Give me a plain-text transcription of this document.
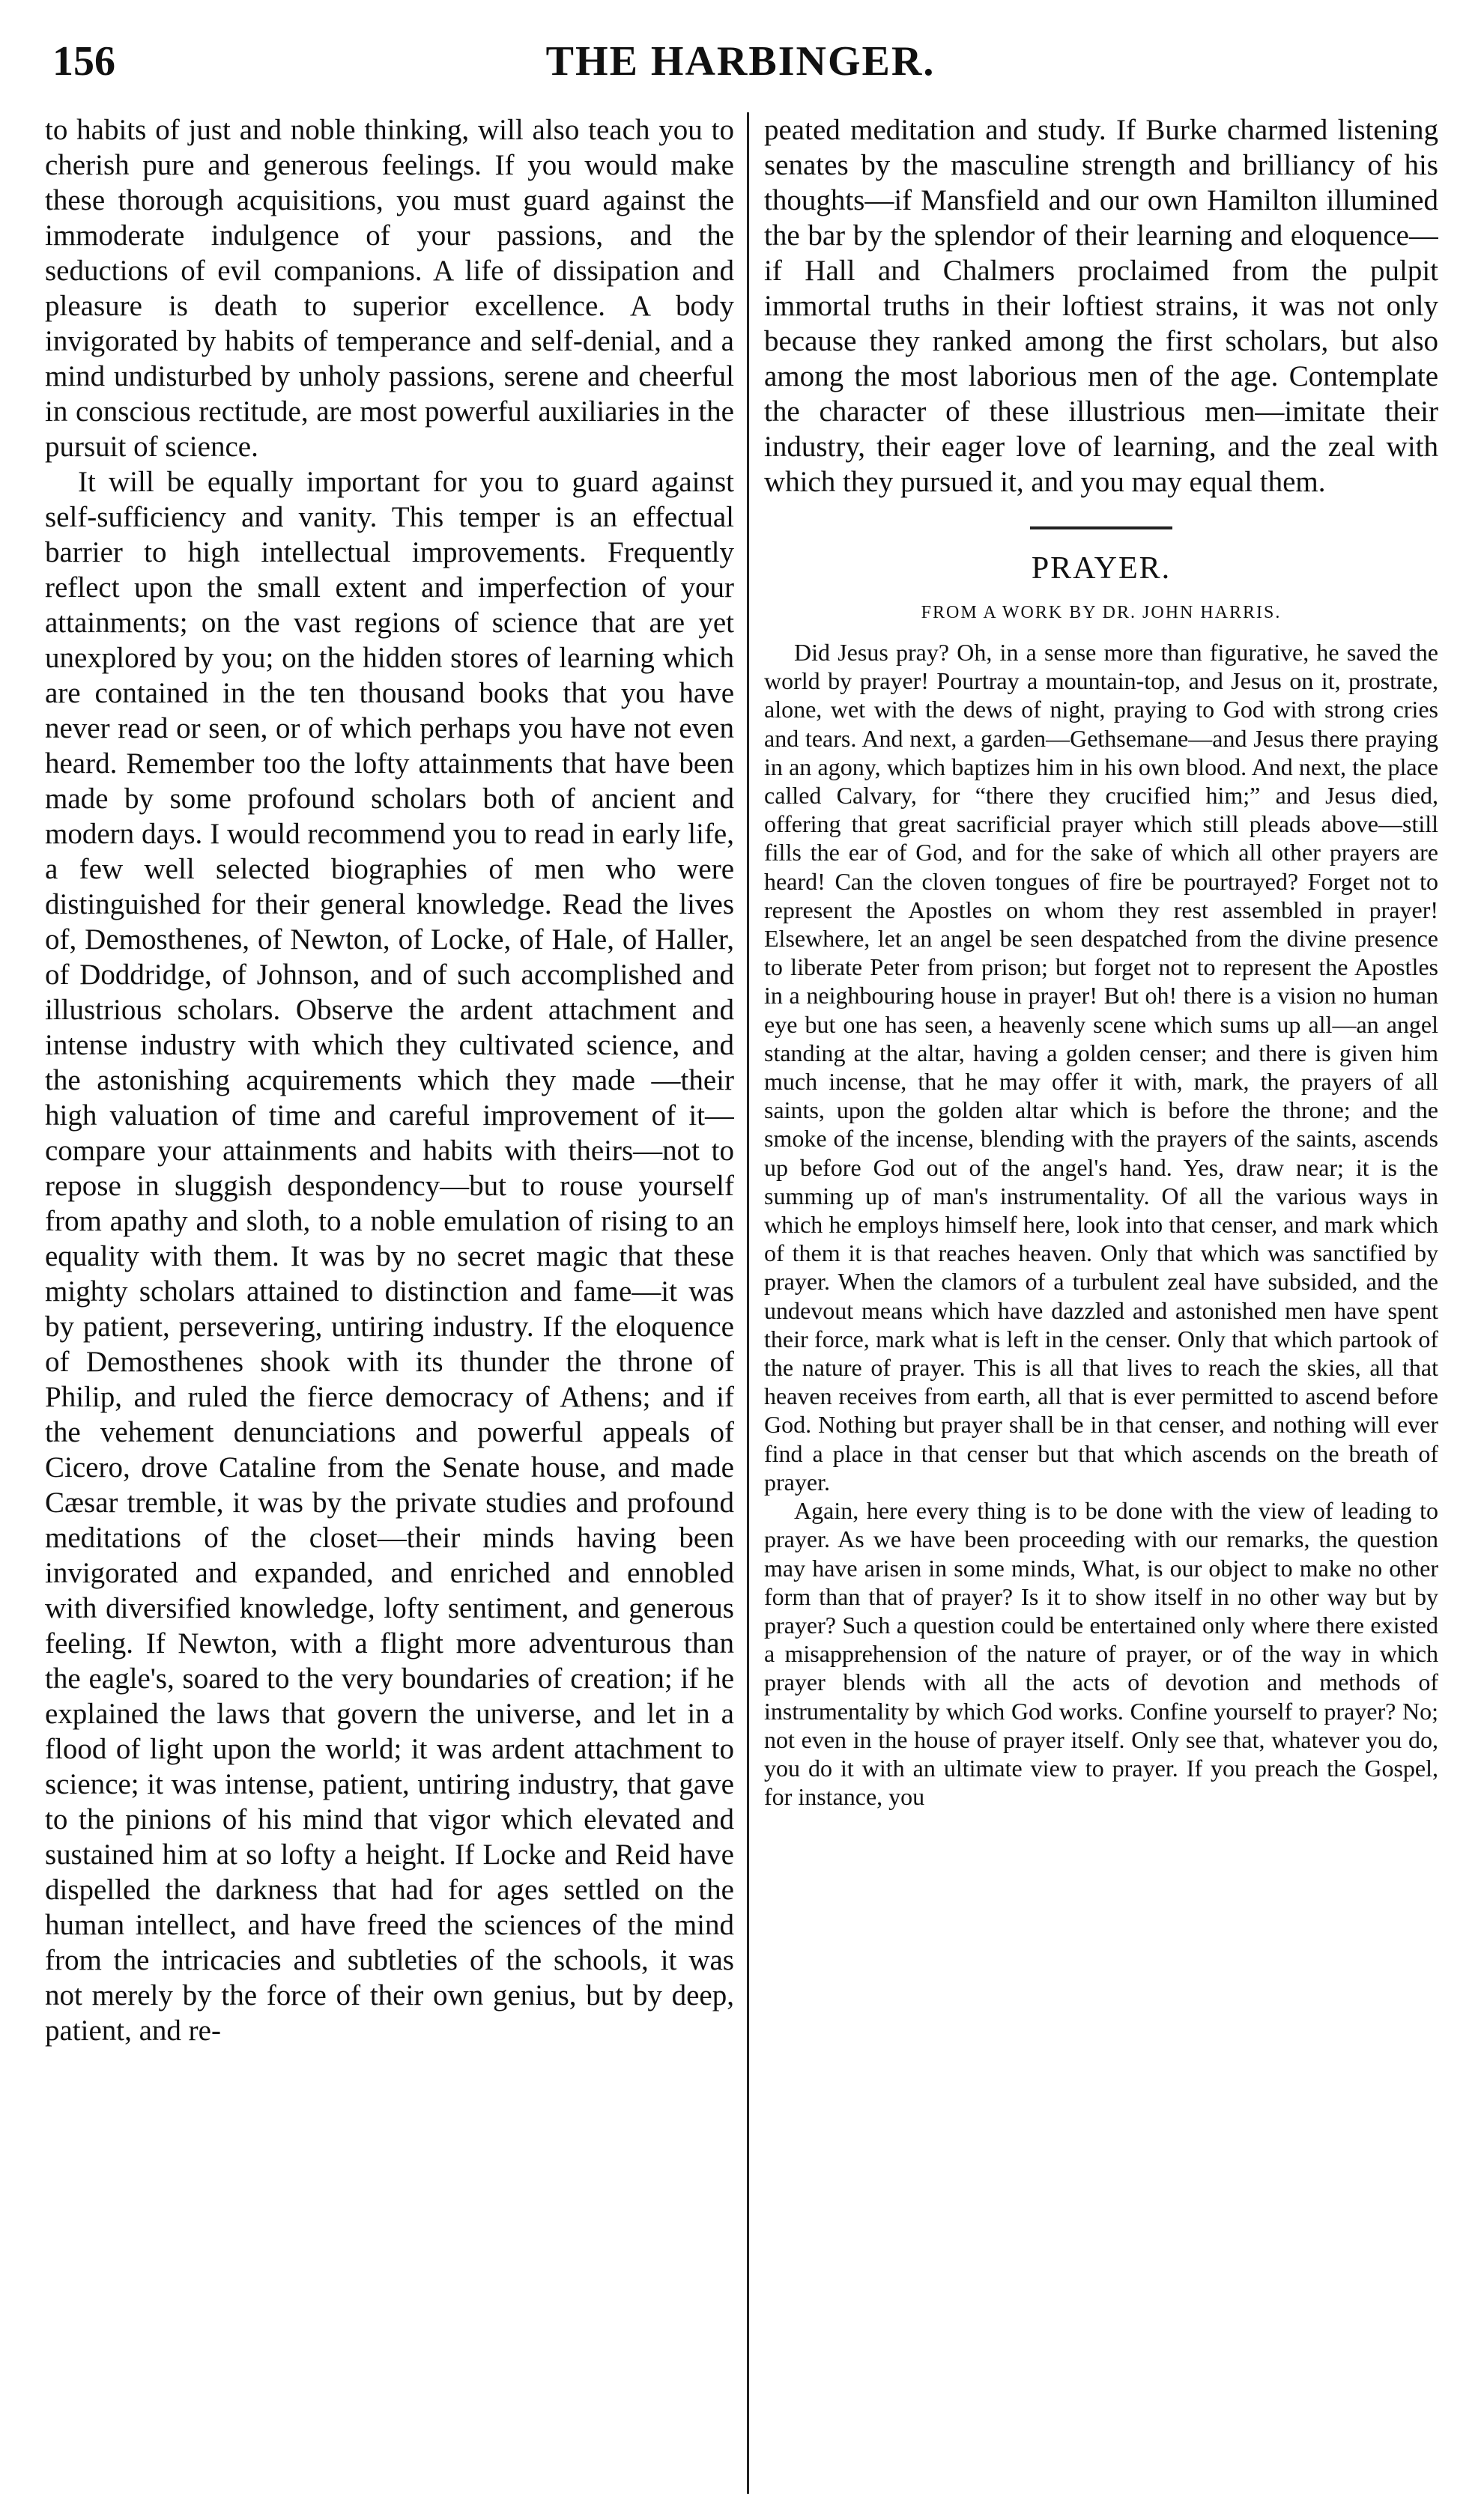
156	THE HARBINGER.

to habits of just and noble thinking, will also teach you to cherish pure and generous feelings. If you would make these thorough acquisitions, you must guard against the immoderate indulgence of your passions, and the seductions of evil companions. A life of dissipation and pleasure is death to superior excellence. A body invigorated by habits of temperance and self-denial, and a mind undisturbed by unholy passions, serene and cheerful in conscious rectitude, are most powerful auxiliaries in the pursuit of science.

It will be equally important for you to guard against self-sufficiency and vanity. This temper is an effectual barrier to high intellectual improvements. Frequently reflect upon the small extent and imperfection of your attainments; on the vast regions of science that are yet unexplored by you; on the hidden stores of learning which are contained in the ten thousand books that you have never read or seen, or of which perhaps you have not even heard. Remember too the lofty attainments that have been made by some profound scholars both of ancient and modern days. I would recommend you to read in early life, a few well selected biographies of men who were distinguished for their general knowledge. Read the lives of, Demosthenes, of Newton, of Locke, of Hale, of Haller, of Doddridge, of Johnson, and of such accomplished and illustrious scholars. Observe the ardent attachment and intense industry with which they cultivated science, and the astonishing acquirements which they made —their high valuation of time and careful improvement of it—compare your attainments and habits with theirs—not to repose in sluggish despondency—but to rouse yourself from apathy and sloth, to a noble emulation of rising to an equality with them. It was by no secret magic that these mighty scholars attained to distinction and fame—it was by patient, persevering, untiring industry. If the eloquence of Demosthenes shook with its thunder the throne of Philip, and ruled the fierce democracy of Athens; and if the vehement denunciations and powerful appeals of Cicero, drove Cataline from the Senate house, and made Cæsar tremble, it was by the private studies and profound meditations of the closet—their minds having been invigorated and expanded, and enriched and ennobled with diversified knowledge, lofty sentiment, and generous feeling. If Newton, with a flight more adventurous than the eagle's, soared to the very boundaries of creation; if he explained the laws that govern the universe, and let in a flood of light upon the world; it was ardent attachment to science; it was intense, patient, untiring industry, that gave to the pinions of his mind that vigor which elevated and sustained him at so lofty a height. If Locke and Reid have dispelled the darkness that had for ages settled on the human intellect, and have freed the sciences of the mind from the intricacies and subtleties of the schools, it was not merely by the force of their own genius, but by deep, patient, and re-

peated meditation and study. If Burke charmed listening senates by the masculine strength and brilliancy of his thoughts—if Mansfield and our own Hamilton illumined the bar by the splendor of their learning and eloquence—if Hall and Chalmers proclaimed from the pulpit immortal truths in their loftiest strains, it was not only because they ranked among the first scholars, but also among the most laborious men of the age. Contemplate the character of these illustrious men—imitate their industry, their eager love of learning, and the zeal with which they pursued it, and you may equal them.

PRAYER.
FROM A WORK BY DR. JOHN HARRIS.

Did Jesus pray? Oh, in a sense more than figurative, he saved the world by prayer! Pourtray a mountain-top, and Jesus on it, prostrate, alone, wet with the dews of night, praying to God with strong cries and tears. And next, a garden—Gethsemane—and Jesus there praying in an agony, which baptizes him in his own blood. And next, the place called Calvary, for “there they crucified him;” and Jesus died, offering that great sacrificial prayer which still pleads above—still fills the ear of God, and for the sake of which all other prayers are heard! Can the cloven tongues of fire be pourtrayed? Forget not to represent the Apostles on whom they rest assembled in prayer! Elsewhere, let an angel be seen despatched from the divine presence to liberate Peter from prison; but forget not to represent the Apostles in a neighbouring house in prayer! But oh! there is a vision no human eye but one has seen, a heavenly scene which sums up all—an angel standing at the altar, having a golden censer; and there is given him much incense, that he may offer it with, mark, the prayers of all saints, upon the golden altar which is before the throne; and the smoke of the incense, blending with the prayers of the saints, ascends up before God out of the angel's hand. Yes, draw near; it is the summing up of man's instrumentality. Of all the various ways in which he employs himself here, look into that censer, and mark which of them it is that reaches heaven. Only that which was sanctified by prayer. When the clamors of a turbulent zeal have subsided, and the undevout means which have dazzled and astonished men have spent their force, mark what is left in the censer. Only that which partook of the nature of prayer. This is all that lives to reach the skies, all that heaven receives from earth, all that is ever permitted to ascend before God. Nothing but prayer shall be in that censer, and nothing will ever find a place in that censer but that which ascends on the breath of prayer.

Again, here every thing is to be done with the view of leading to prayer. As we have been proceeding with our remarks, the question may have arisen in some minds, What, is our object to make no other form than that of prayer? Is it to show itself in no other way but by prayer? Such a question could be entertained only where there existed a misapprehension of the nature of prayer, or of the way in which prayer blends with all the acts of devotion and methods of instrumentality by which God works. Confine yourself to prayer? No; not even in the house of prayer itself. Only see that, whatever you do, you do it with an ultimate view to prayer. If you preach the Gospel, for instance, you
